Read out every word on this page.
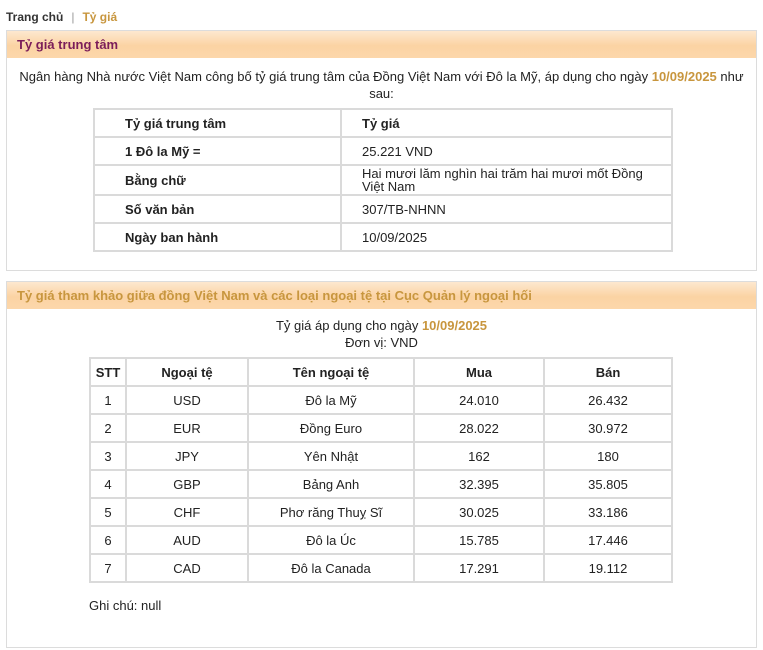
Trang chủ | Tỷ giá
Tỷ giá trung tâm
Ngân hàng Nhà nước Việt Nam công bố tỷ giá trung tâm của Đồng Việt Nam với Đô la Mỹ, áp dụng cho ngày 10/09/2025 như sau:
Tỷ giá trung tâm	Tỷ giá
1 Đô la Mỹ =	25.221 VND
Bằng chữ	Hai mươi lăm nghìn hai trăm hai mươi mốt Đồng Việt Nam
Số văn bản	307/TB-NHNN
Ngày ban hành	10/09/2025
Tỷ giá tham khảo giữa đồng Việt Nam và các loại ngoại tệ tại Cục Quản lý ngoại hối
Tỷ giá áp dụng cho ngày 10/09/2025
Đơn vị: VND
STT	Ngoại tệ	Tên ngoại tệ	Mua	Bán
1	USD	Đô la Mỹ	24.010	26.432
2	EUR	Đồng Euro	28.022	30.972
3	JPY	Yên Nhật	162	180
4	GBP	Bảng Anh	32.395	35.805
5	CHF	Phơ răng Thuỵ Sĩ	30.025	33.186
6	AUD	Đô la Úc	15.785	17.446
7	CAD	Đô la Canada	17.291	19.112
Ghi chú: null
